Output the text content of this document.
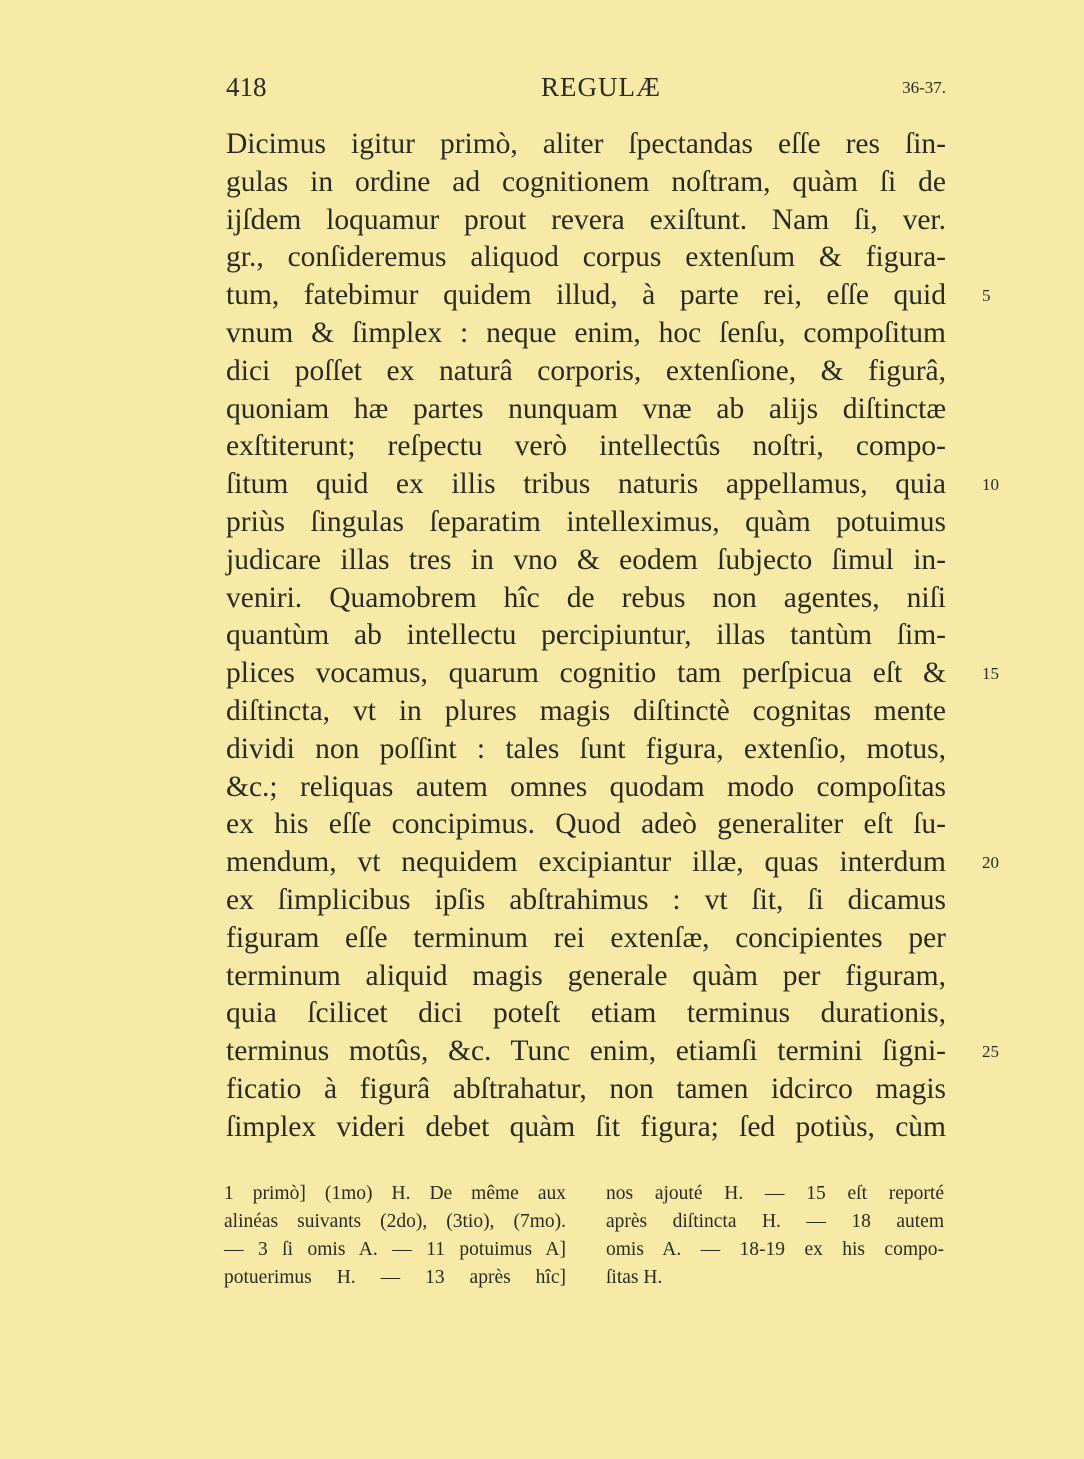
418	REGULÆ	36-37.
Dicimus igitur primò, aliter ſpectandas eſſe res ſin-
gulas in ordine ad cognitionem noſtram, quàm ſi de
ijſdem loquamur prout revera exiſtunt. Nam ſi, ver.
gr., conſideremus aliquod corpus extenſum & figura-
tum, fatebimur quidem illud, à parte rei, eſſe quid 5
vnum & ſimplex : neque enim, hoc ſenſu, compoſitum
dici poſſet ex naturâ corporis, extenſione, & figurâ,
quoniam hæ partes nunquam vnæ ab alijs diſtinctæ
exſtiterunt; reſpectu verò intellectûs noſtri, compo-
ſitum quid ex illis tribus naturis appellamus, quia 10
priùs ſingulas ſeparatim intelleximus, quàm potuimus
judicare illas tres in vno & eodem ſubjecto ſimul in-
veniri. Quamobrem hîc de rebus non agentes, niſi
quantùm ab intellectu percipiuntur, illas tantùm ſim-
plices vocamus, quarum cognitio tam perſpicua eſt & 15
diſtincta, vt in plures magis diſtinctè cognitas mente
dividi non poſſint : tales ſunt figura, extenſio, motus,
&c.; reliquas autem omnes quodam modo compoſitas
ex his eſſe concipimus. Quod adeò generaliter eſt ſu-
mendum, vt nequidem excipiantur illæ, quas interdum 20
ex ſimplicibus ipſis abſtrahimus : vt ſit, ſi dicamus
figuram eſſe terminum rei extenſæ, concipientes per
terminum aliquid magis generale quàm per figuram,
quia ſcilicet dici poteſt etiam terminus durationis,
terminus motûs, &c. Tunc enim, etiamſi termini ſigni- 25
ficatio à figurâ abſtrahatur, non tamen idcirco magis
ſimplex videri debet quàm ſit figura; ſed potiùs, cùm
1 primò] (1mo) H. De même aux
alinéas suivants (2do), (3tio), (7mo).
— 3 ſi omis A. — 11 potuimus A]
potuerimus H. — 13 après hîc]
nos ajouté H. — 15 eſt reporté
après diſtincta H. — 18 autem
omis A. — 18-19 ex his compo-
ſitas H.
